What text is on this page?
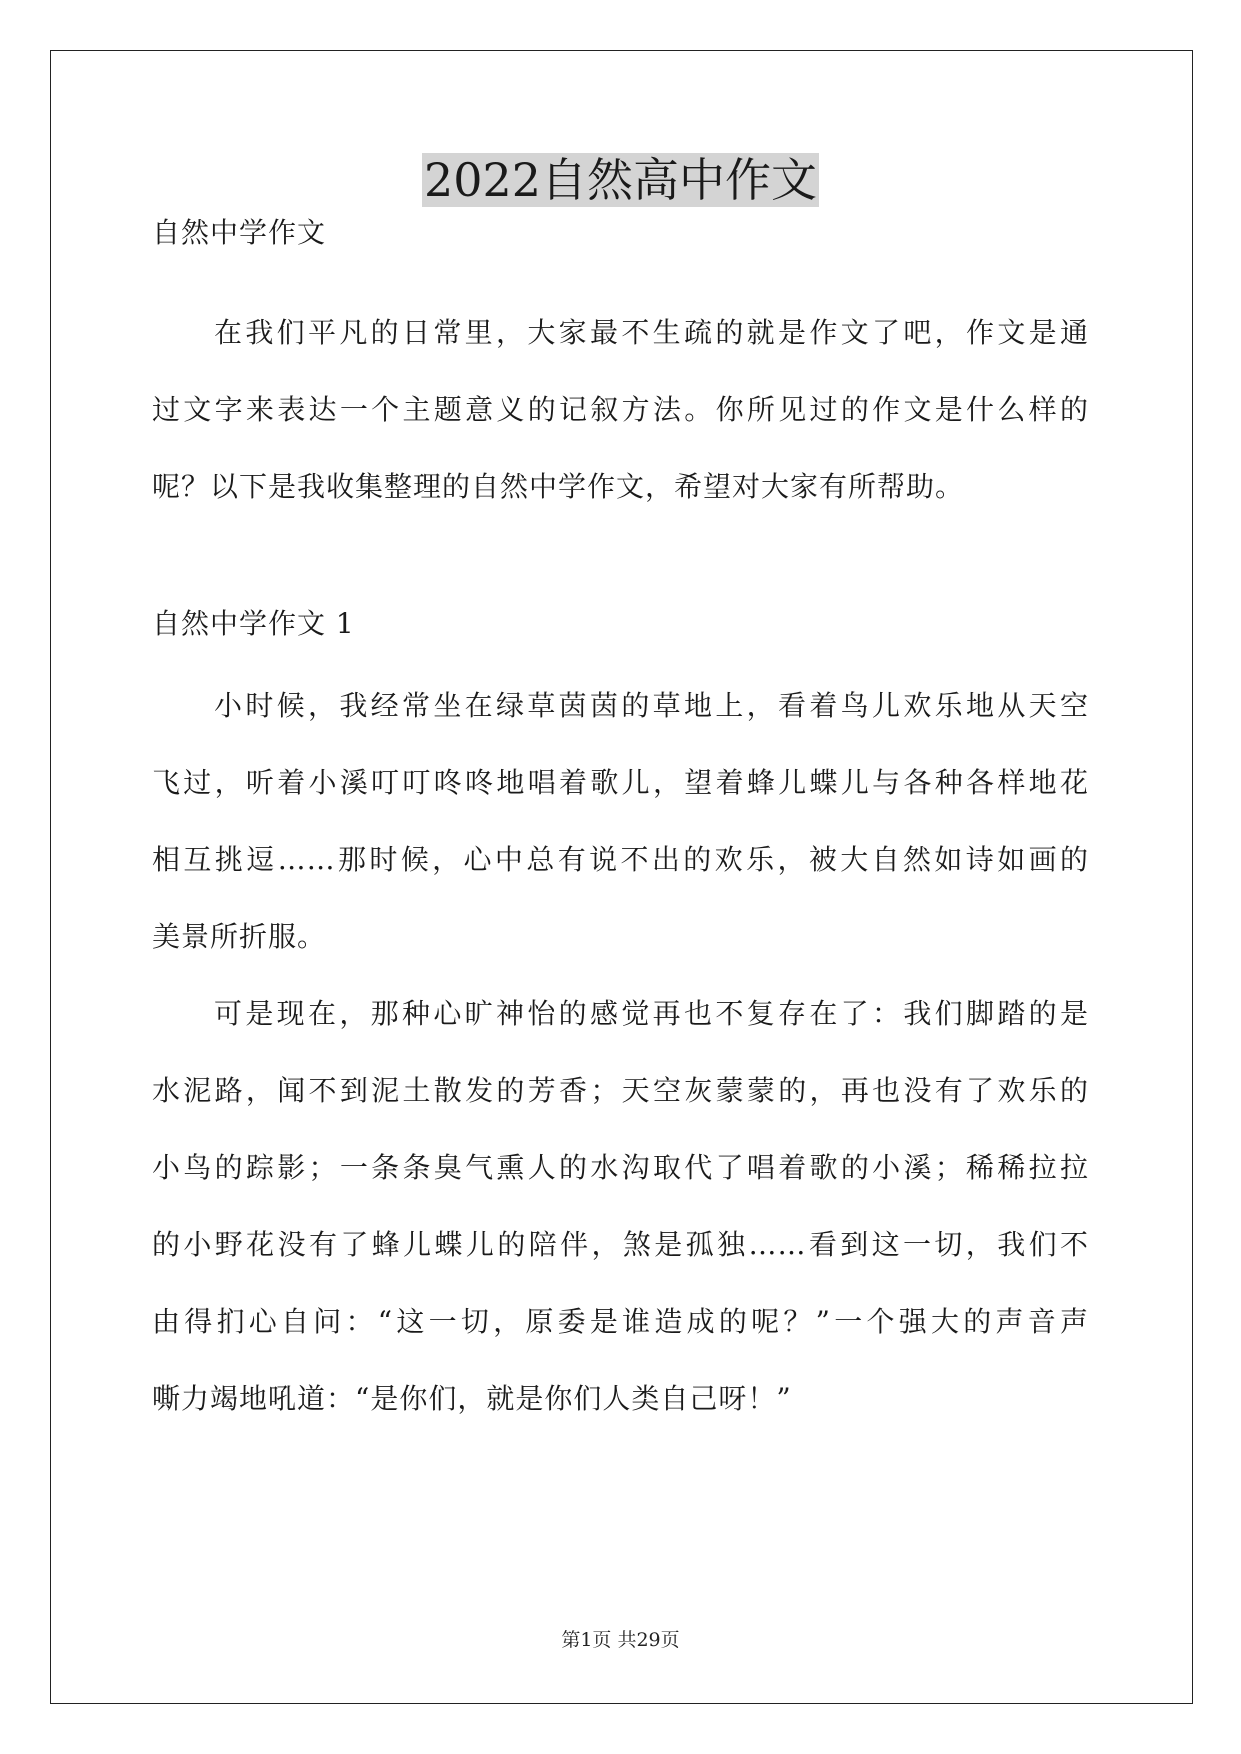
2022自然高中作文
自然中学作文
在我们平凡的日常里，大家最不生疏的就是作文了吧，作文是通
过文字来表达一个主题意义的记叙方法。你所见过的作文是什么样的
呢？以下是我收集整理的自然中学作文，希望对大家有所帮助。
自然中学作文 1
小时候，我经常坐在绿草茵茵的草地上，看着鸟儿欢乐地从天空
飞过，听着小溪叮叮咚咚地唱着歌儿，望着蜂儿蝶儿与各种各样地花
相互挑逗……那时候，心中总有说不出的欢乐，被大自然如诗如画的
美景所折服。
可是现在，那种心旷神怡的感觉再也不复存在了：我们脚踏的是
水泥路，闻不到泥土散发的芳香；天空灰蒙蒙的，再也没有了欢乐的
小鸟的踪影；一条条臭气熏人的水沟取代了唱着歌的小溪；稀稀拉拉
的小野花没有了蜂儿蝶儿的陪伴，煞是孤独……看到这一切，我们不
由得扪心自问：“这一切，原委是谁造成的呢？”一个强大的声音声
嘶力竭地吼道：“是你们，就是你们人类自己呀！”
第1页 共29页
